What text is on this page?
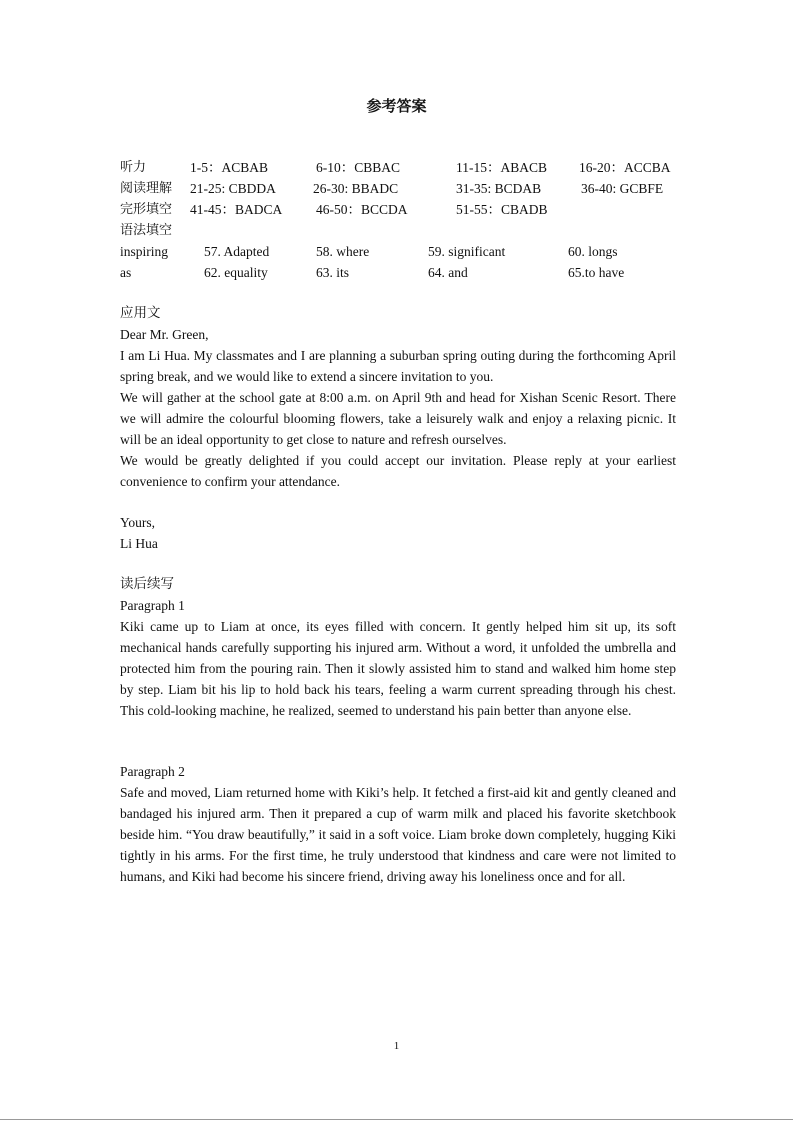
参考答案
听力	1-5：ACBAB	6-10：CBBAC	11-15：ABACB 16-20：ACCBA
阅读理解 21-25: CBDDA	26-30: BBADC	31-35: BCDAB	36-40: GCBFE
完形填空 41-45：BADCA 46-50：BCCDA	51-55：CBADB
语法填空
inspiring	57. Adapted	58. where	59. significant	60. longs
as	62. equality	63. its	64. and	65.to have
应用文
Dear Mr. Green,
I am Li Hua. My classmates and I are planning a suburban spring outing during the forthcoming April spring break, and we would like to extend a sincere invitation to you.
We will gather at the school gate at 8:00 a.m. on April 9th and head for Xishan Scenic Resort. There we will admire the colourful blooming flowers, take a leisurely walk and enjoy a relaxing picnic. It will be an ideal opportunity to get close to nature and refresh ourselves.
We would be greatly delighted if you could accept our invitation. Please reply at your earliest convenience to confirm your attendance.
Yours,
Li Hua
读后续写
Paragraph 1
Kiki came up to Liam at once, its eyes filled with concern. It gently helped him sit up, its soft mechanical hands carefully supporting his injured arm. Without a word, it unfolded the umbrella and protected him from the pouring rain. Then it slowly assisted him to stand and walked him home step by step. Liam bit his lip to hold back his tears, feeling a warm current spreading through his chest. This cold-looking machine, he realized, seemed to understand his pain better than anyone else.
Paragraph 2
Safe and moved, Liam returned home with Kiki’s help. It fetched a first-aid kit and gently cleaned and bandaged his injured arm. Then it prepared a cup of warm milk and placed his favorite sketchbook beside him. “You draw beautifully,” it said in a soft voice. Liam broke down completely, hugging Kiki tightly in his arms. For the first time, he truly understood that kindness and care were not limited to humans, and Kiki had become his sincere friend, driving away his loneliness once and for all.
1
